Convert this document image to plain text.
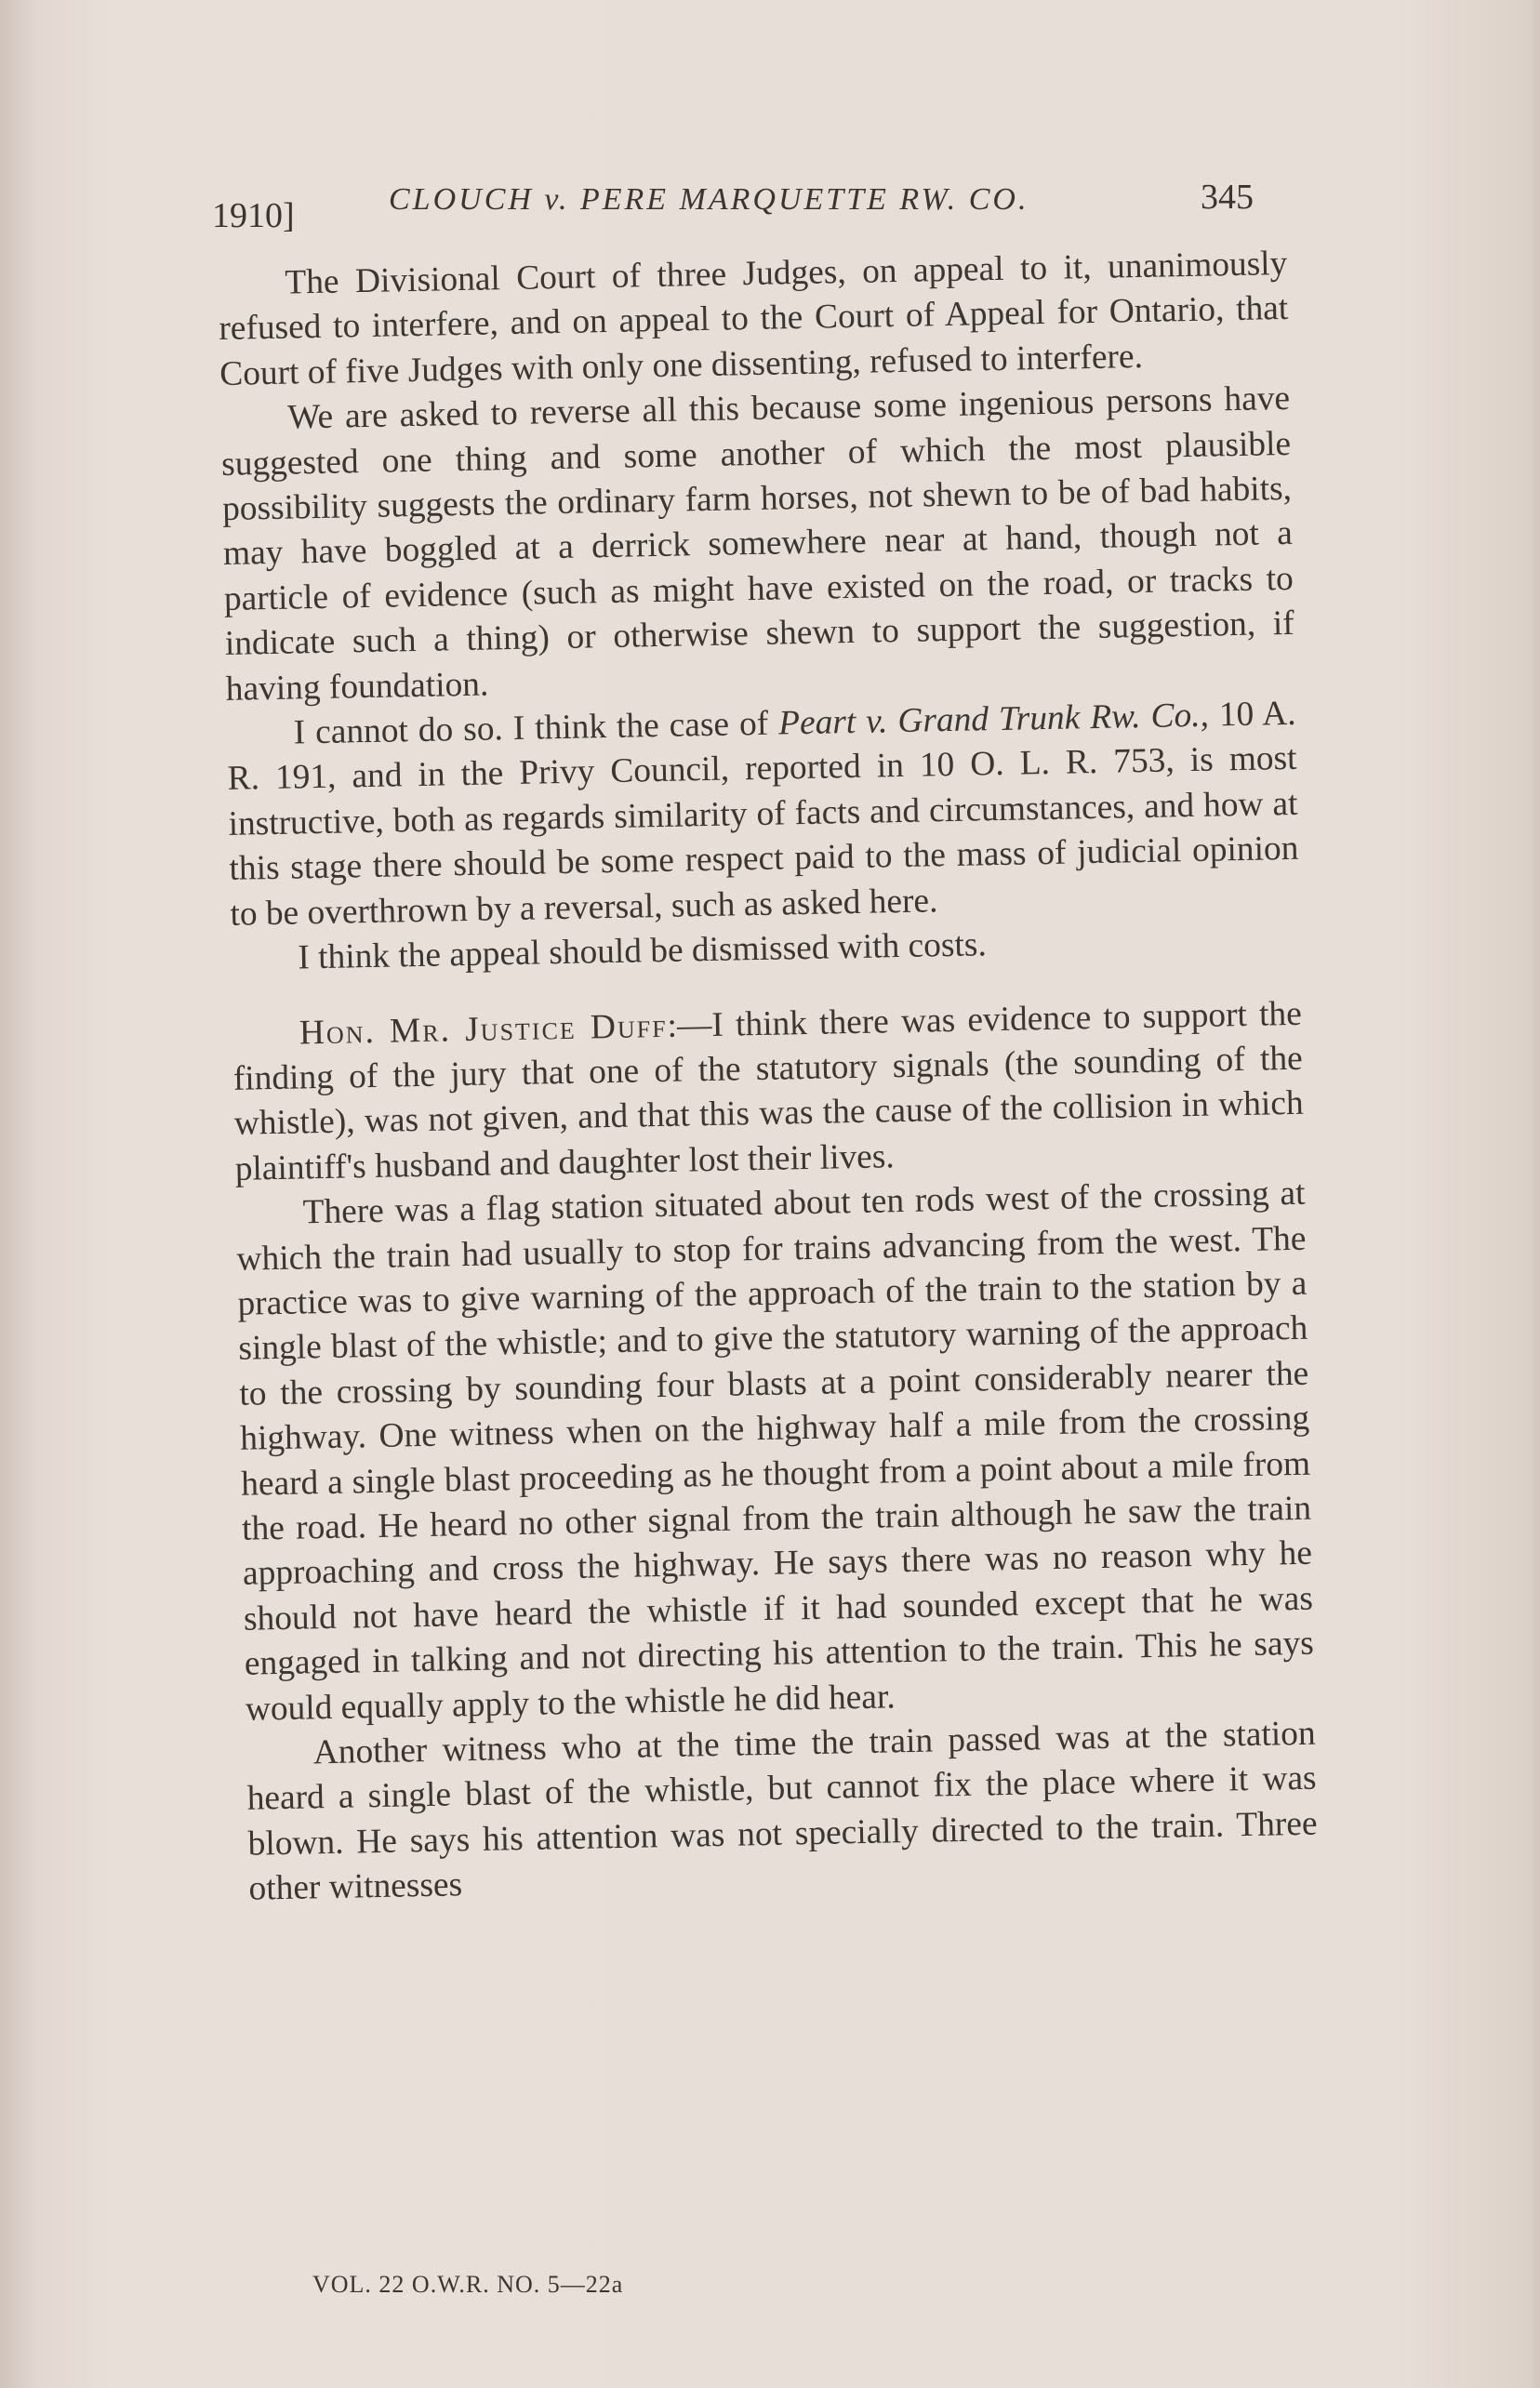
1910]	CLOUCH v. PERE MARQUETTE RW. CO.	345

The Divisional Court of three Judges, on appeal to it, unanimously refused to interfere, and on appeal to the Court of Appeal for Ontario, that Court of five Judges with only one dissenting, refused to interfere.

We are asked to reverse all this because some ingenious persons have suggested one thing and some another of which the most plausible possibility suggests the ordinary farm horses, not shewn to be of bad habits, may have boggled at a derrick somewhere near at hand, though not a particle of evidence (such as might have existed on the road, or tracks to indicate such a thing) or otherwise shewn to support the suggestion, if having foundation.

I cannot do so. I think the case of Peart v. Grand Trunk Rw. Co., 10 A. R. 191, and in the Privy Council, reported in 10 O. L. R. 753, is most instructive, both as regards similarity of facts and circumstances, and how at this stage there should be some respect paid to the mass of judicial opinion to be overthrown by a reversal, such as asked here.

I think the appeal should be dismissed with costs.

Hon. Mr. Justice Duff:—I think there was evidence to support the finding of the jury that one of the statutory signals (the sounding of the whistle), was not given, and that this was the cause of the collision in which plaintiff's husband and daughter lost their lives.

There was a flag station situated about ten rods west of the crossing at which the train had usually to stop for trains advancing from the west. The practice was to give warning of the approach of the train to the station by a single blast of the whistle; and to give the statutory warning of the approach to the crossing by sounding four blasts at a point considerably nearer the highway. One witness when on the highway half a mile from the crossing heard a single blast proceeding as he thought from a point about a mile from the road. He heard no other signal from the train although he saw the train approaching and cross the highway. He says there was no reason why he should not have heard the whistle if it had sounded except that he was engaged in talking and not directing his attention to the train. This he says would equally apply to the whistle he did hear.

Another witness who at the time the train passed was at the station heard a single blast of the whistle, but cannot fix the place where it was blown. He says his attention was not specially directed to the train. Three other witnesses

VOL. 22 O.W.R. NO. 5—22a
